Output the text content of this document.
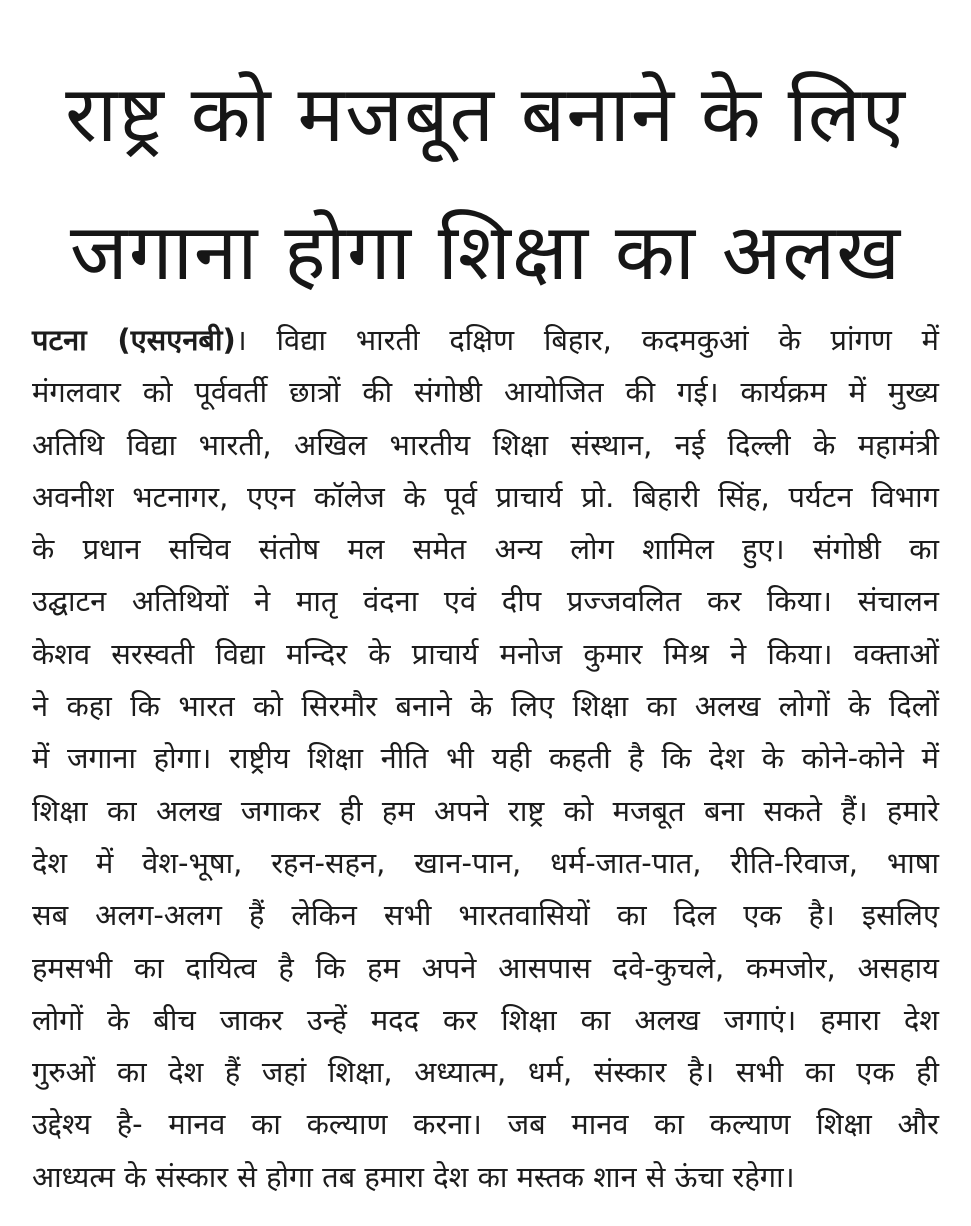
राष्ट्र को मजबूत बनाने के लिए
जगाना होगा शिक्षा का अलख
पटना (एसएनबी)। विद्या भारती दक्षिण बिहार, कदमकुआं के प्रांगण में
मंगलवार को पूर्ववर्ती छात्रों की संगोष्ठी आयोजित की गई। कार्यक्रम में मुख्य
अतिथि विद्या भारती, अखिल भारतीय शिक्षा संस्थान, नई दिल्ली के महामंत्री
अवनीश भटनागर, एएन कॉलेज के पूर्व प्राचार्य प्रो. बिहारी सिंह, पर्यटन विभाग
के प्रधान सचिव संतोष मल समेत अन्य लोग शामिल हुए। संगोष्ठी का
उद्घाटन अतिथियों ने मातृ वंदना एवं दीप प्रज्जवलित कर किया। संचालन
केशव सरस्वती विद्या मन्दिर के प्राचार्य मनोज कुमार मिश्र ने किया। वक्ताओं
ने कहा कि भारत को सिरमौर बनाने के लिए शिक्षा का अलख लोगों के दिलों
में जगाना होगा। राष्ट्रीय शिक्षा नीति भी यही कहती है कि देश के कोने-कोने में
शिक्षा का अलख जगाकर ही हम अपने राष्ट्र को मजबूत बना सकते हैं। हमारे
देश में वेश-भूषा, रहन-सहन, खान-पान, धर्म-जात-पात, रीति-रिवाज, भाषा
सब अलग-अलग हैं लेकिन सभी भारतवासियों का दिल एक है। इसलिए
हमसभी का दायित्व है कि हम अपने आसपास दवे-कुचले, कमजोर, असहाय
लोगों के बीच जाकर उन्हें मदद कर शिक्षा का अलख जगाएं। हमारा देश
गुरुओं का देश हैं जहां शिक्षा, अध्यात्म, धर्म, संस्कार है। सभी का एक ही
उद्देश्य है- मानव का कल्याण करना। जब मानव का कल्याण शिक्षा और
आध्यत्म के संस्कार से होगा तब हमारा देश का मस्तक शान से ऊंचा रहेगा।
